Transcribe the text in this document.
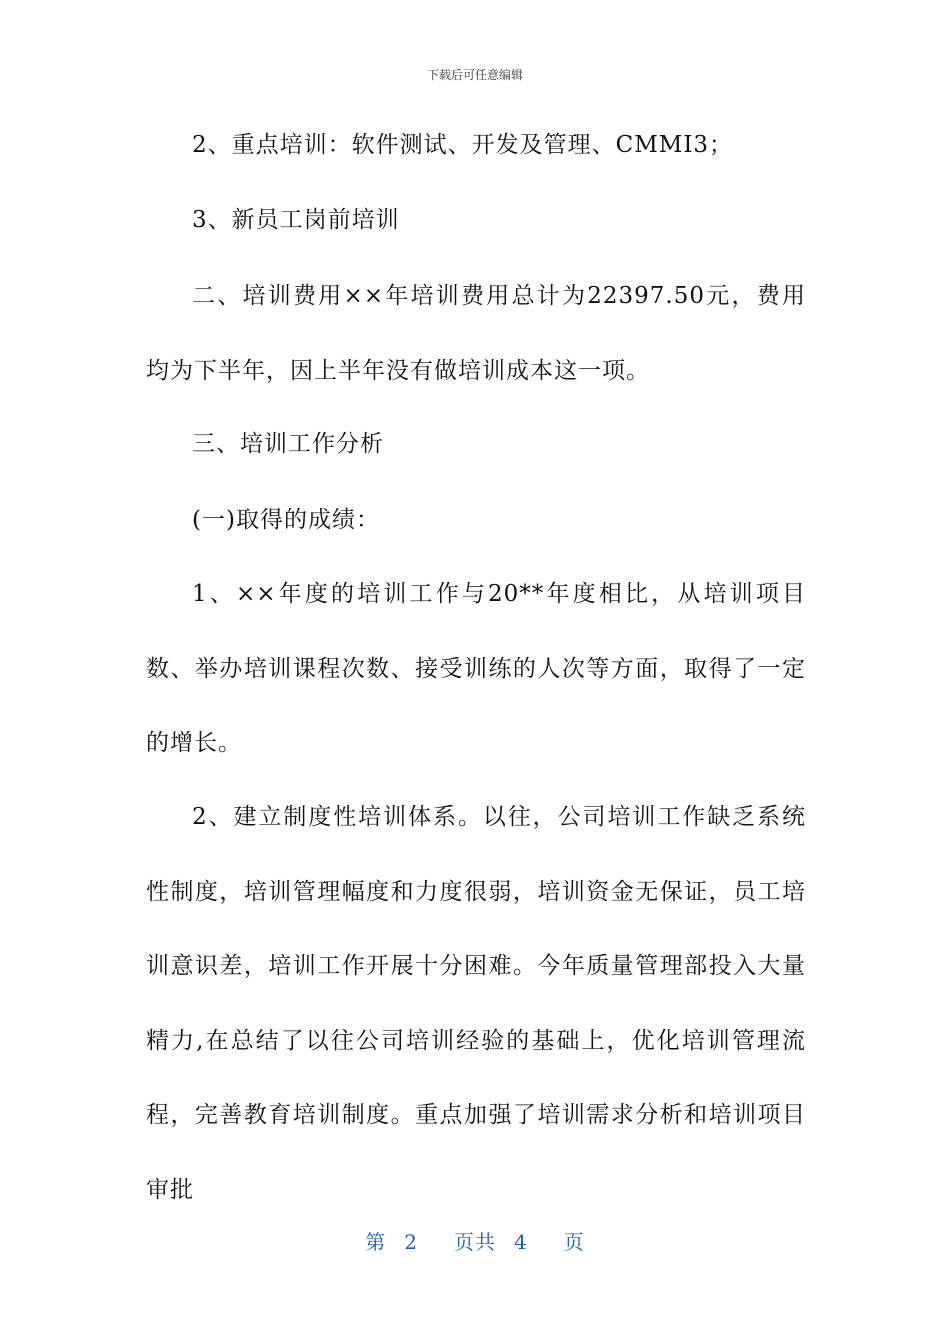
下载后可任意编辑

2、重点培训：软件测试、开发及管理、CMMI3；

3、新员工岗前培训

二、培训费用××年培训费用总计为22397.50元，费用均为下半年，因上半年没有做培训成本这一项。

三、培训工作分析

(一)取得的成绩：

1、××年度的培训工作与20**年度相比，从培训项目数、举办培训课程次数、接受训练的人次等方面，取得了一定的增长。

2、建立制度性培训体系。以往，公司培训工作缺乏系统性制度，培训管理幅度和力度很弱，培训资金无保证，员工培训意识差，培训工作开展十分困难。今年质量管理部投入大量精力,在总结了以往公司培训经验的基础上，优化培训管理流程，完善教育培训制度。重点加强了培训需求分析和培训项目审批

第 2 页共 4 页
